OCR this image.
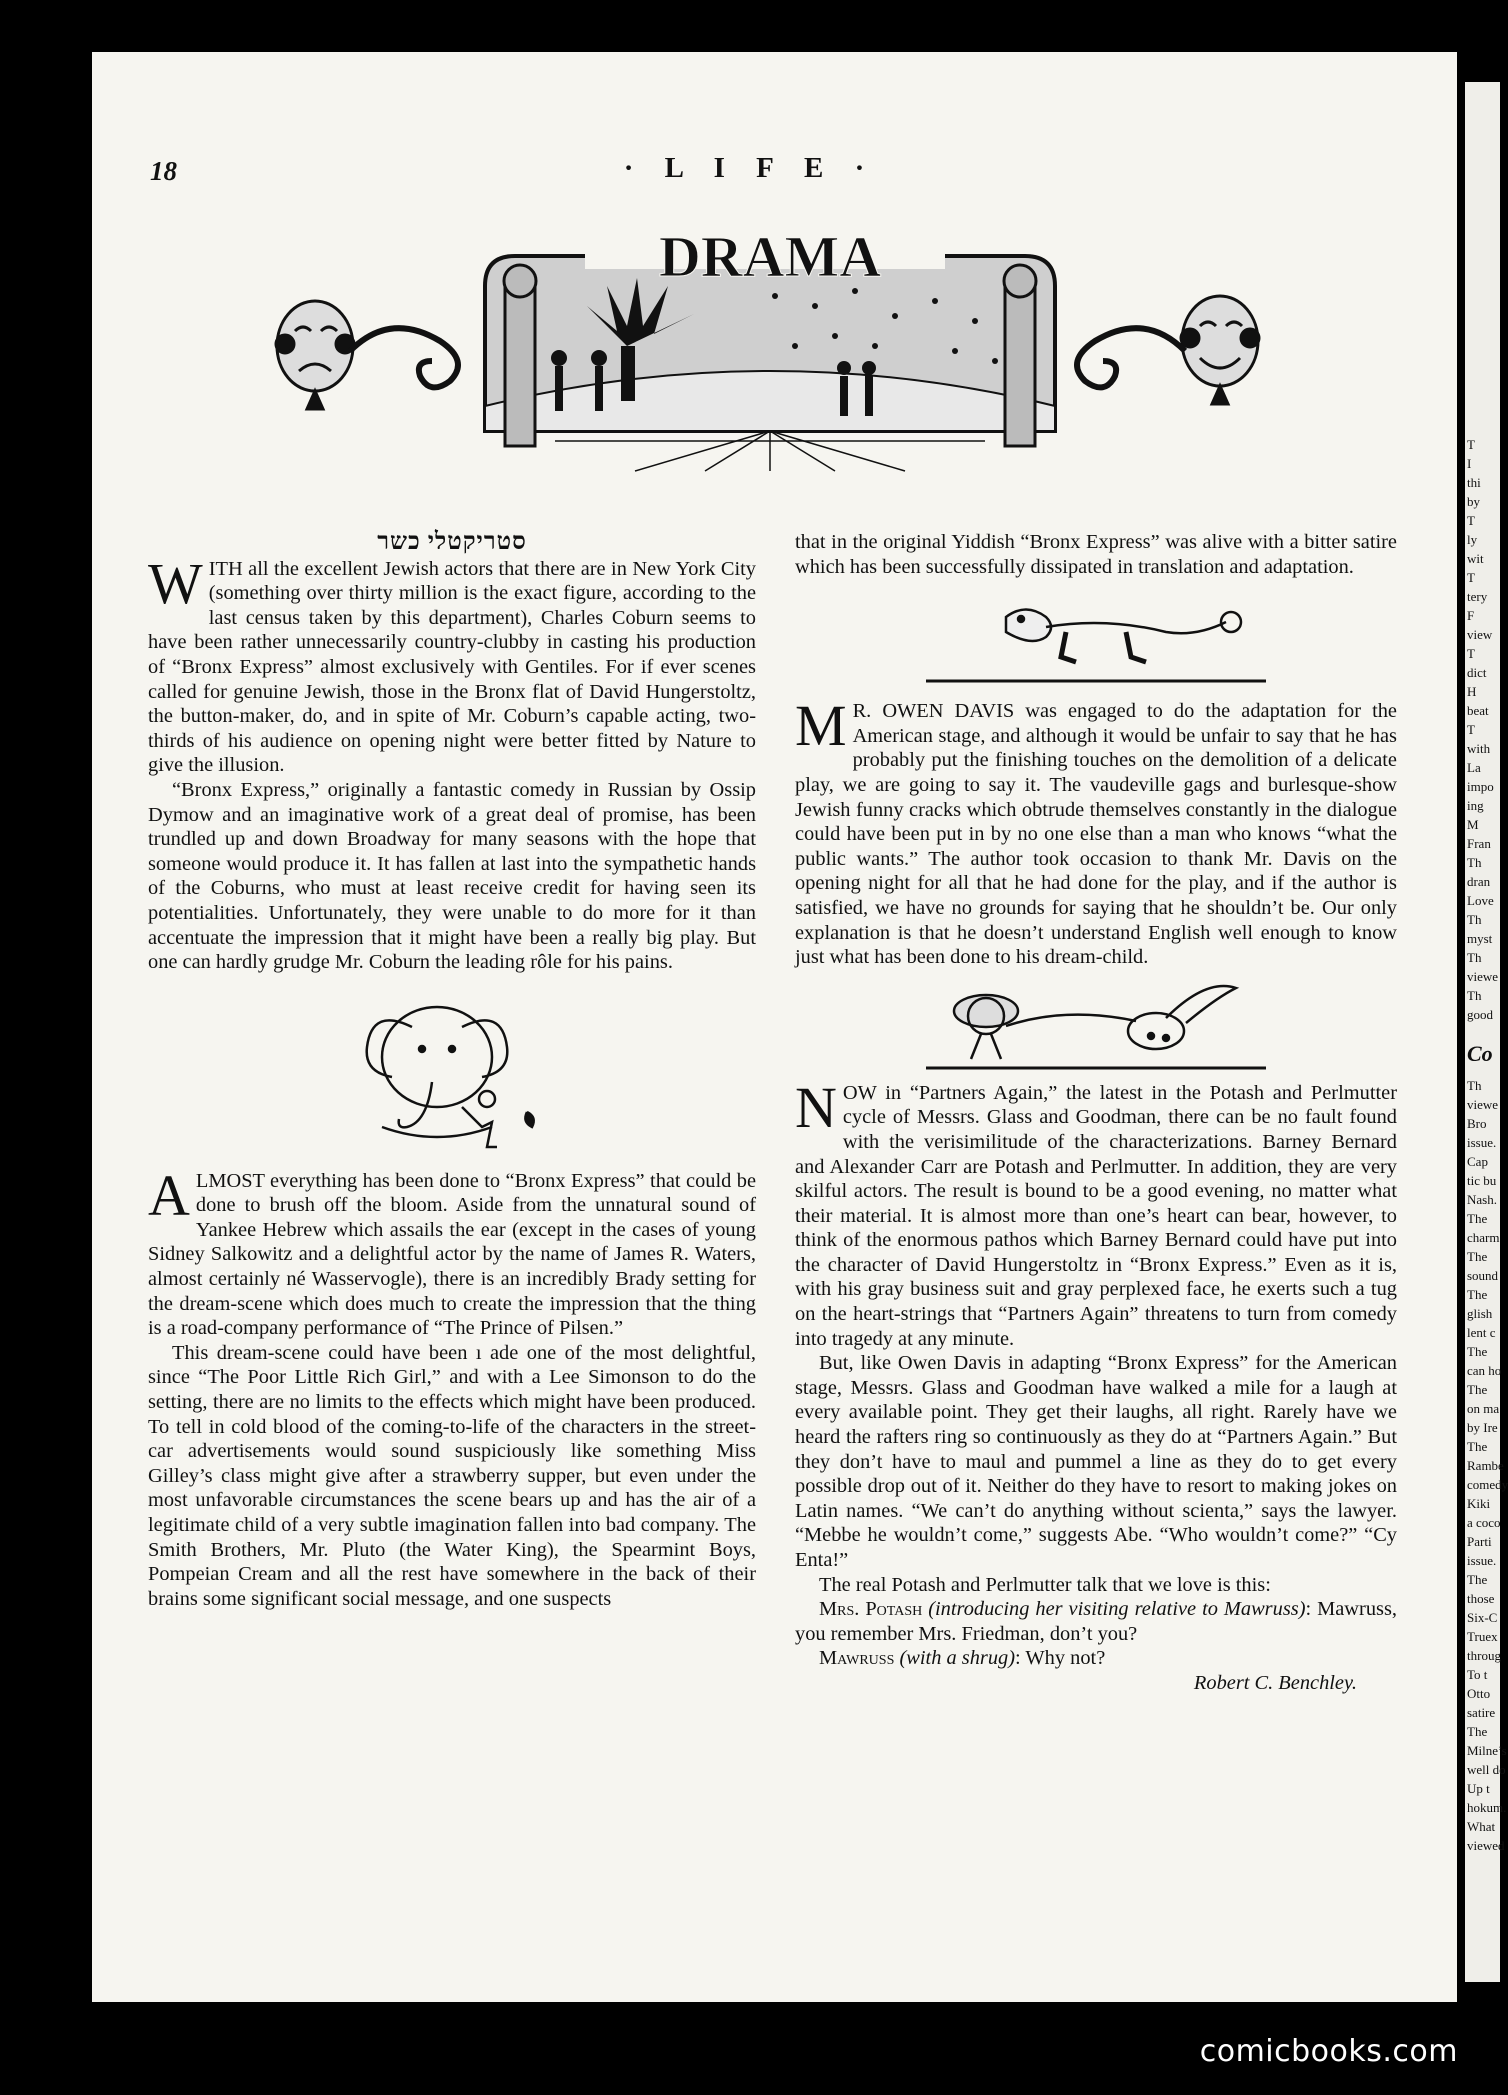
T
I
thi
by
T
ly
wit
T
tery
F
view
T
dict
H
beat
T
with
La
impo
ing
M
Fran
Th
dran
Love
Th
myst
Th
viewe
Th
good
Co
Th
viewe
Bro
issue.
Cap
tic bu
Nash.
The
charm
The
sound
The
glish
lent c
The
can ho
The
on ma
by Ire
The
Rambe
comedy
Kiki
a coco
Parti
issue.
The
those
Six-C
Truex
throug
To t
Otto
satire
The
Milne’s
well do
Up t
hokum.
What
viewed
18	· L I F E ·
DRAMA
סטריקטלי כשר

WITH all the excellent Jewish actors that there are in New York City (something over thirty million is the exact figure, according to the last census taken by this department), Charles Coburn seems to have been rather unnecessarily country-clubby in casting his production of “Bronx Express” almost exclusively with Gentiles. For if ever scenes called for genuine Jewish, those in the Bronx flat of David Hungerstoltz, the button-maker, do, and in spite of Mr. Coburn’s capable acting, two-thirds of his audience on opening night were better fitted by Nature to give the illusion.

“Bronx Express,” originally a fantastic comedy in Russian by Ossip Dymow and an imaginative work of a great deal of promise, has been trundled up and down Broadway for many seasons with the hope that someone would produce it. It has fallen at last into the sympathetic hands of the Coburns, who must at least receive credit for having seen its potentialities. Unfortunately, they were unable to do more for it than accentuate the impression that it might have been a really big play. But one can hardly grudge Mr. Coburn the leading rôle for his pains.

ALMOST everything has been done to “Bronx Express” that could be done to brush off the bloom. Aside from the unnatural sound of Yankee Hebrew which assails the ear (except in the cases of young Sidney Salkowitz and a delightful actor by the name of James R. Waters, almost certainly né Wasservogle), there is an incredibly Brady setting for the dream-scene which does much to create the impression that the thing is a road-company performance of “The Prince of Pilsen.”

This dream-scene could have been ı ade one of the most delightful, since “The Poor Little Rich Girl,” and with a Lee Simonson to do the setting, there are no limits to the effects which might have been produced. To tell in cold blood of the coming-to-life of the characters in the street-car advertisements would sound suspiciously like something Miss Gilley’s class might give after a strawberry supper, but even under the most unfavorable circumstances the scene bears up and has the air of a legitimate child of a very subtle imagination fallen into bad company. The Smith Brothers, Mr. Pluto (the Water King), the Spearmint Boys, Pompeian Cream and all the rest have somewhere in the back of their brains some significant social message, and one suspects

that in the original Yiddish “Bronx Express” was alive with a bitter satire which has been successfully dissipated in translation and adaptation.

M R. OWEN DAVIS was engaged to do the adaptation for the American stage, and although it would be unfair to say that he has probably put the finishing touches on the demolition of a delicate play, we are going to say it. The vaudeville gags and burlesque-show Jewish funny cracks which obtrude themselves constantly in the dialogue could have been put in by no one else than a man who knows “what the public wants.” The author took occasion to thank Mr. Davis on the opening night for all that he had done for the play, and if the author is satisfied, we have no grounds for saying that he shouldn’t be. Our only explanation is that he doesn’t understand English well enough to know just what has been done to his dream-child.

NOW in “Partners Again,” the latest in the Potash and Perlmutter cycle of Messrs. Glass and Goodman, there can be no fault found with the verisimilitude of the characterizations. Barney Bernard and Alexander Carr are Potash and Perlmutter. In addition, they are very skilful actors. The result is bound to be a good evening, no matter what their material. It is almost more than one’s heart can bear, however, to think of the enormous pathos which Barney Bernard could have put into the character of David Hungerstoltz in “Bronx Express.” Even as it is, with his gray business suit and gray perplexed face, he exerts such a tug on the heart-strings that “Partners Again” threatens to turn from comedy into tragedy at any minute.

But, like Owen Davis in adapting “Bronx Express” for the American stage, Messrs. Glass and Goodman have walked a mile for a laugh at every available point. They get their laughs, all right. Rarely have we heard the rafters ring so continuously as they do at “Partners Again.” But they don’t have to maul and pummel a line as they do to get every possible drop out of it. Neither do they have to resort to making jokes on Latin names. “We can’t do anything without scienta,” says the lawyer. “Mebbe he wouldn’t come,” suggests Abe. “Who wouldn’t come?” “Cy Enta!”

The real Potash and Perlmutter talk that we love is this:

Mrs. Potash (introducing her visiting relative to Mawruss): Mawruss, you remember Mrs. Friedman, don’t you?

Mawruss (with a shrug): Why not?

Robert C. Benchley.
comicbooks.com
